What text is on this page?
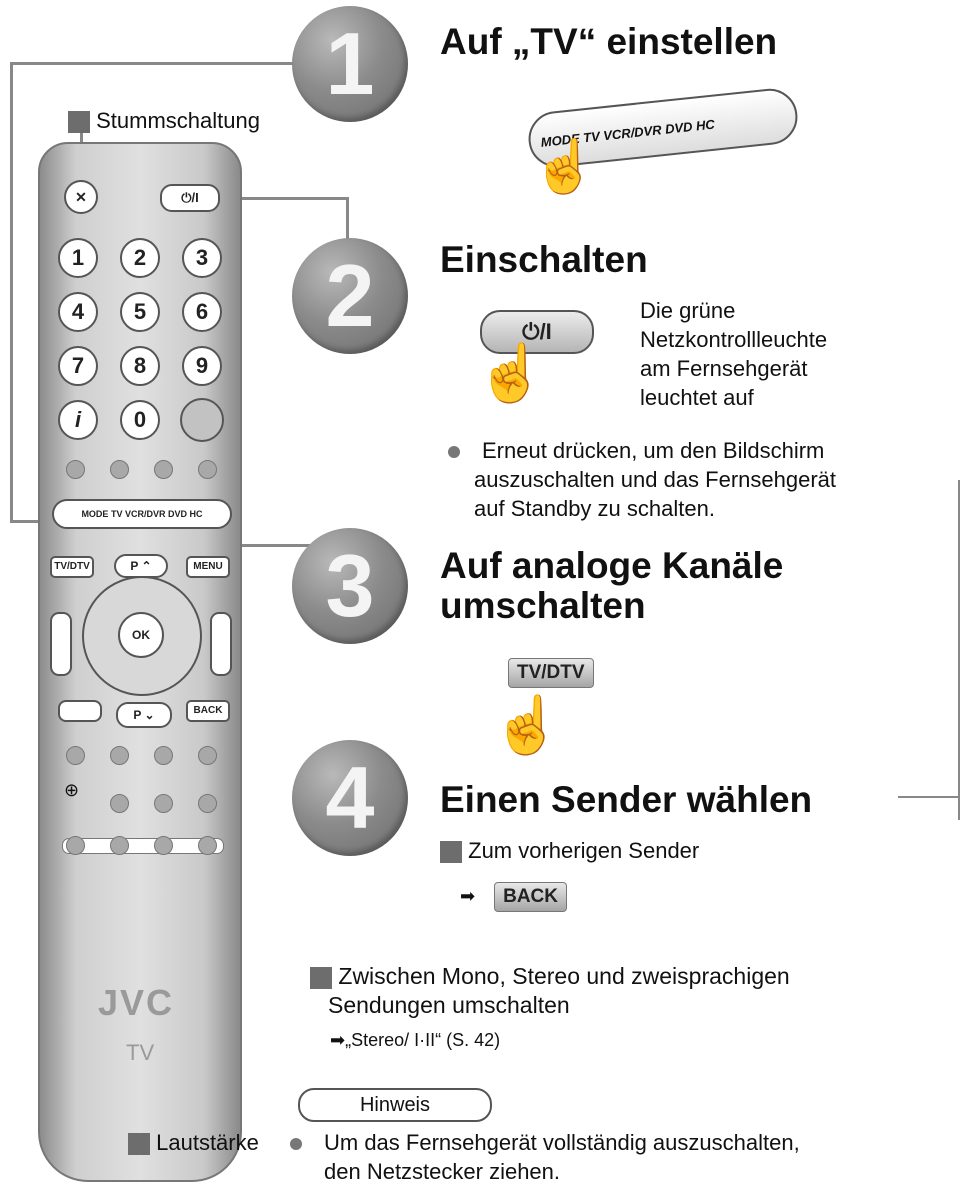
Stummschaltung
✕	⏻/I
1	2	3
4	5	6
7	8	9
i	0
MODE TV VCR/DVR DVD HC
TV/DTV	P ⌃	MENU
OK
P ⌄	BACK
⊕
JVC
TV
1	Auf „TV“ einstellen
MODE TV VCR/DVR DVD HC
☝
2	Einschalten
⏻/I
☝
Die grüne
Netzkontrollleuchte
am Fernsehgerät
leuchtet auf
Erneut drücken, um den Bildschirm
auszuschalten und das Fernsehgerät
auf Standby zu schalten.
3	Auf analoge Kanäle
umschalten
TV/DTV
☝
4	Einen Sender wählen
Zum vorherigen Sender
➡ BACK
Zwischen Mono, Stereo und zweisprachigen
Sendungen umschalten
➡„Stereo/ I·II“ (S. 42)
Hinweis
Lautstärke	Um das Fernsehgerät vollständig auszuschalten,
den Netzstecker ziehen.
